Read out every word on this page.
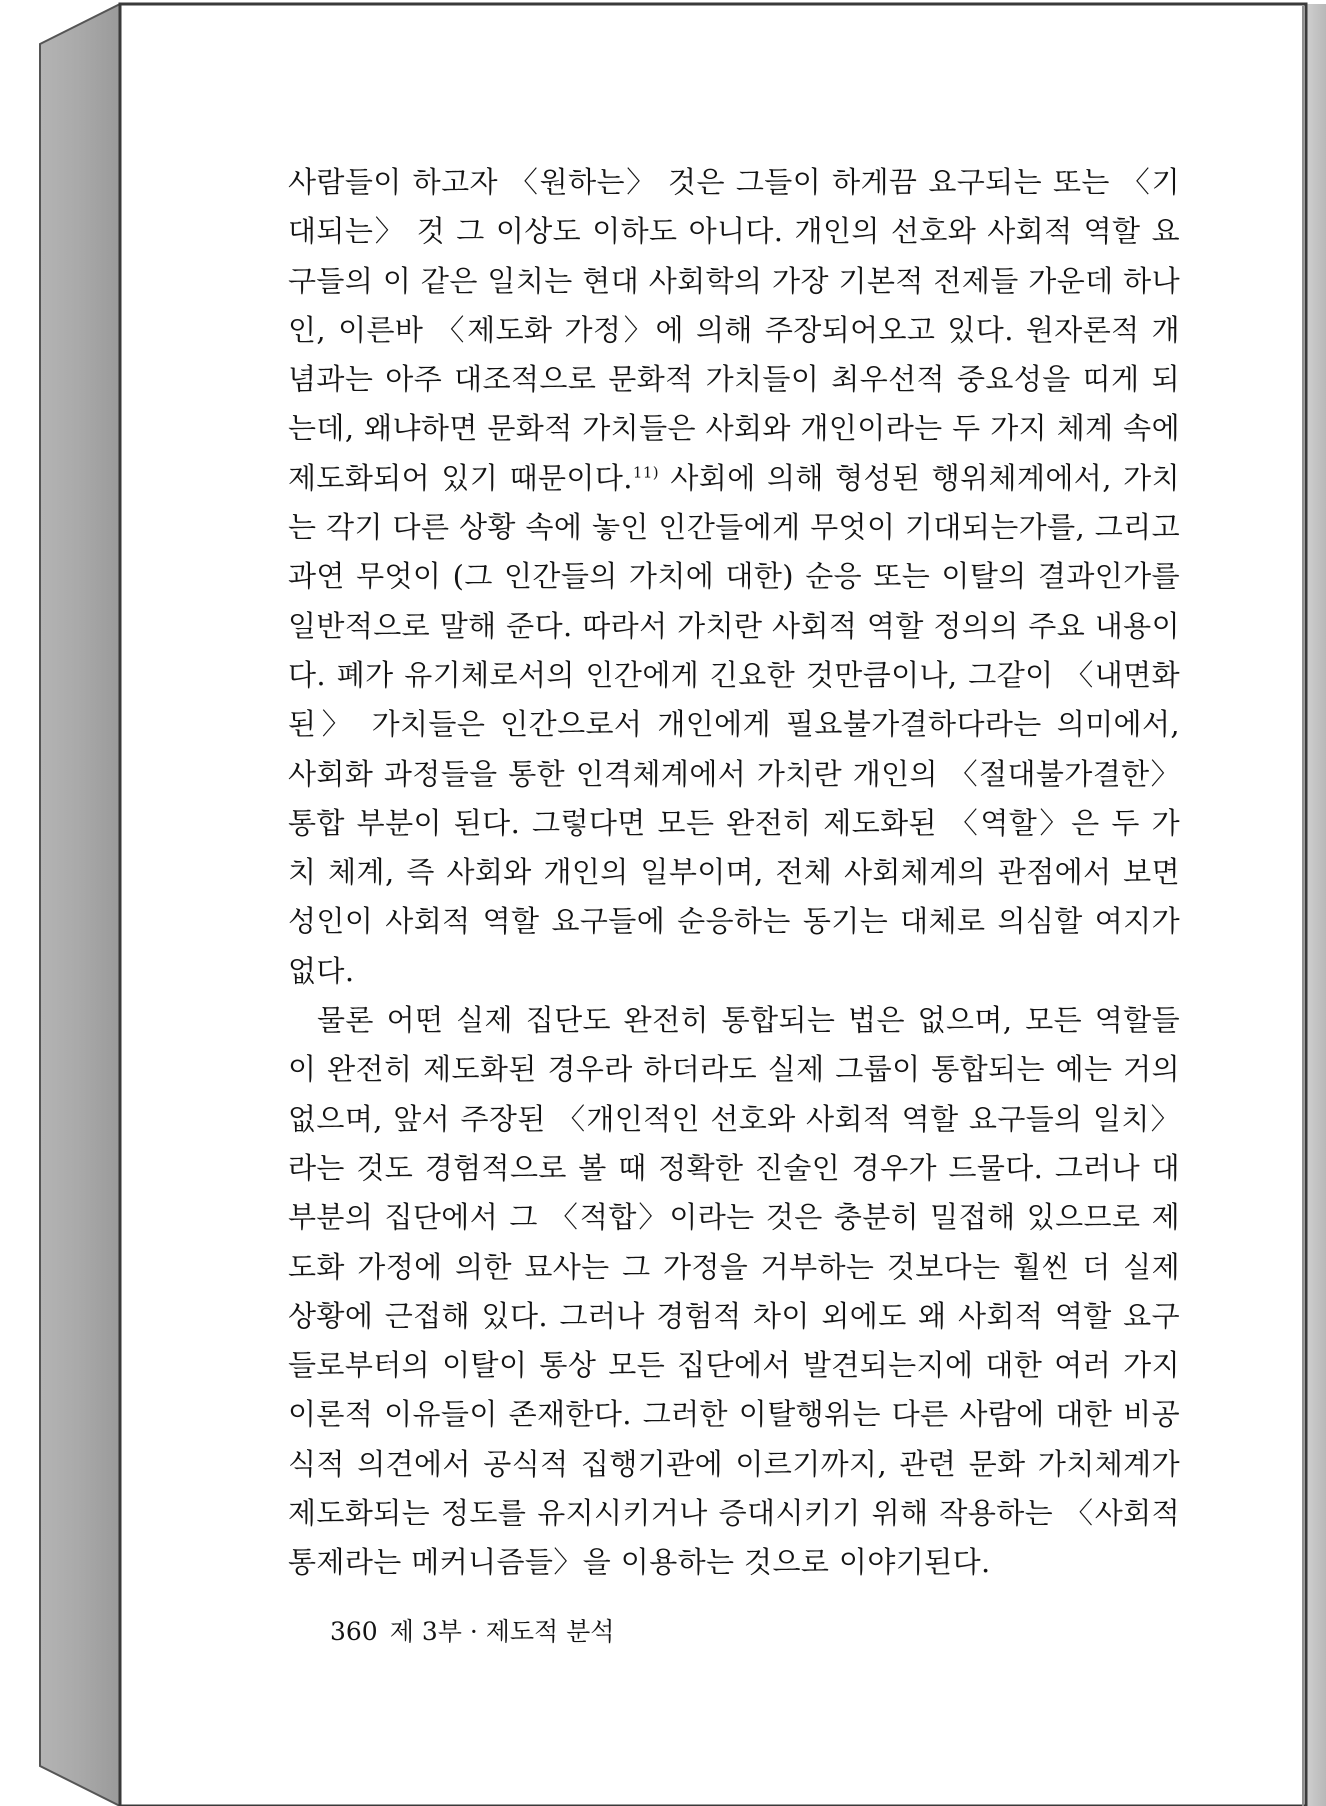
사람들이 하고자 〈원하는〉 것은 그들이 하게끔 요구되는 또는 〈기대되는〉 것 그 이상도 이하도 아니다. 개인의 선호와 사회적 역할 요구들의 이 같은 일치는 현대 사회학의 가장 기본적 전제들 가운데 하나인, 이른바 〈제도화 가정〉에 의해 주장되어오고 있다. 원자론적 개념과는 아주 대조적으로 문화적 가치들이 최우선적 중요성을 띠게 되는데, 왜냐하면 문화적 가치들은 사회와 개인이라는 두 가지 체계 속에 제도화되어 있기 때문이다.$^{11)}$ 사회에 의해 형성된 행위체계에서, 가치는 각기 다른 상황 속에 놓인 인간들에게 무엇이 기대되는가를, 그리고 과연 무엇이 (그 인간들의 가치에 대한) 순응 또는 이탈의 결과인가를 일반적으로 말해 준다. 따라서 가치란 사회적 역할 정의의 주요 내용이다. 폐가 유기체로서의 인간에게 긴요한 것만큼이나, 그같이 〈내면화된〉 가치들은 인간으로서 개인에게 필요불가결하다라는 의미에서, 사회화 과정들을 통한 인격체계에서 가치란 개인의 〈절대불가결한〉 통합 부분이 된다. 그렇다면 모든 완전히 제도화된 〈역할〉은 두 가치 체계, 즉 사회와 개인의 일부이며, 전체 사회체계의 관점에서 보면 성인이 사회적 역할 요구들에 순응하는 동기는 대체로 의심할 여지가 없다.

물론 어떤 실제 집단도 완전히 통합되는 법은 없으며, 모든 역할들이 완전히 제도화된 경우라 하더라도 실제 그룹이 통합되는 예는 거의 없으며, 앞서 주장된 〈개인적인 선호와 사회적 역할 요구들의 일치〉라는 것도 경험적으로 볼 때 정확한 진술인 경우가 드물다. 그러나 대부분의 집단에서 그 〈적합〉이라는 것은 충분히 밀접해 있으므로 제도화 가정에 의한 묘사는 그 가정을 거부하는 것보다는 훨씬 더 실제 상황에 근접해 있다. 그러나 경험적 차이 외에도 왜 사회적 역할 요구들로부터의 이탈이 통상 모든 집단에서 발견되는지에 대한 여러 가지 이론적 이유들이 존재한다. 그러한 이탈행위는 다른 사람에 대한 비공식적 의견에서 공식적 집행기관에 이르기까지, 관련 문화 가치체계가 제도화되는 정도를 유지시키거나 증대시키기 위해 작용하는 〈사회적 통제라는 메커니즘들〉을 이용하는 것으로 이야기된다.

360 제 3부 · 제도적 분석
